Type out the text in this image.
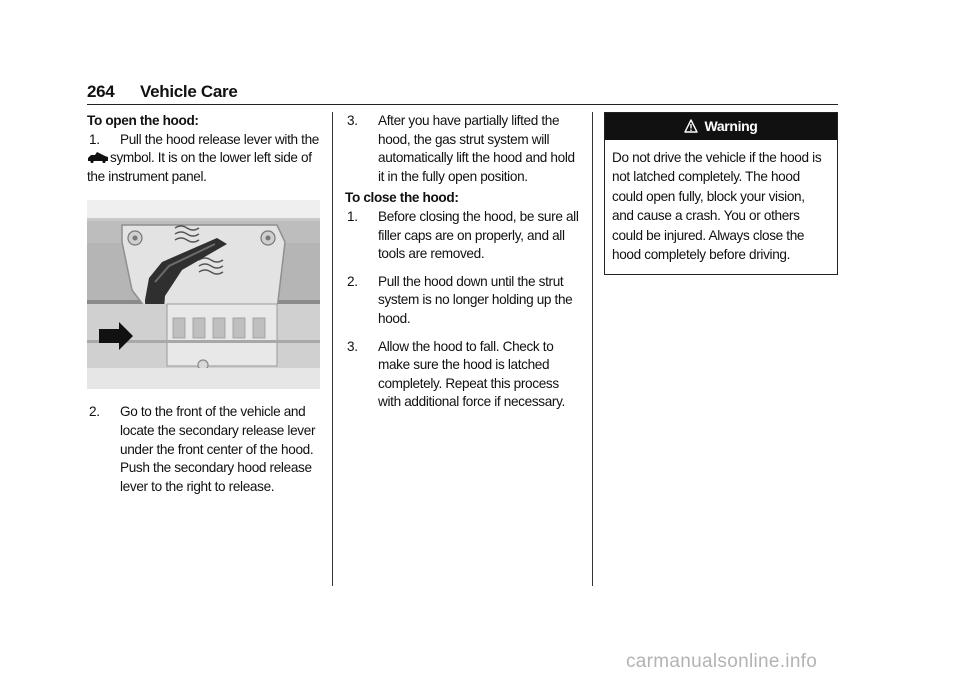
264 Vehicle Care
To open the hood:
1. Pull the hood release lever with the
symbol. It is on the lower left side of the instrument panel.
2. Go to the front of the vehicle and locate the secondary release lever under the front center of the hood. Push the secondary hood release lever to the right to release.
3. After you have partially lifted the hood, the gas strut system will automatically lift the hood and hold it in the fully open position.
To close the hood:
1. Before closing the hood, be sure all filler caps are on properly, and all tools are removed.
2. Pull the hood down until the strut system is no longer holding up the hood.
3. Allow the hood to fall. Check to make sure the hood is latched completely. Repeat this process with additional force if necessary.
Warning
Do not drive the vehicle if the hood is not latched completely. The hood could open fully, block your vision, and cause a crash. You or others could be injured. Always close the hood completely before driving.
carmanualsonline.info
